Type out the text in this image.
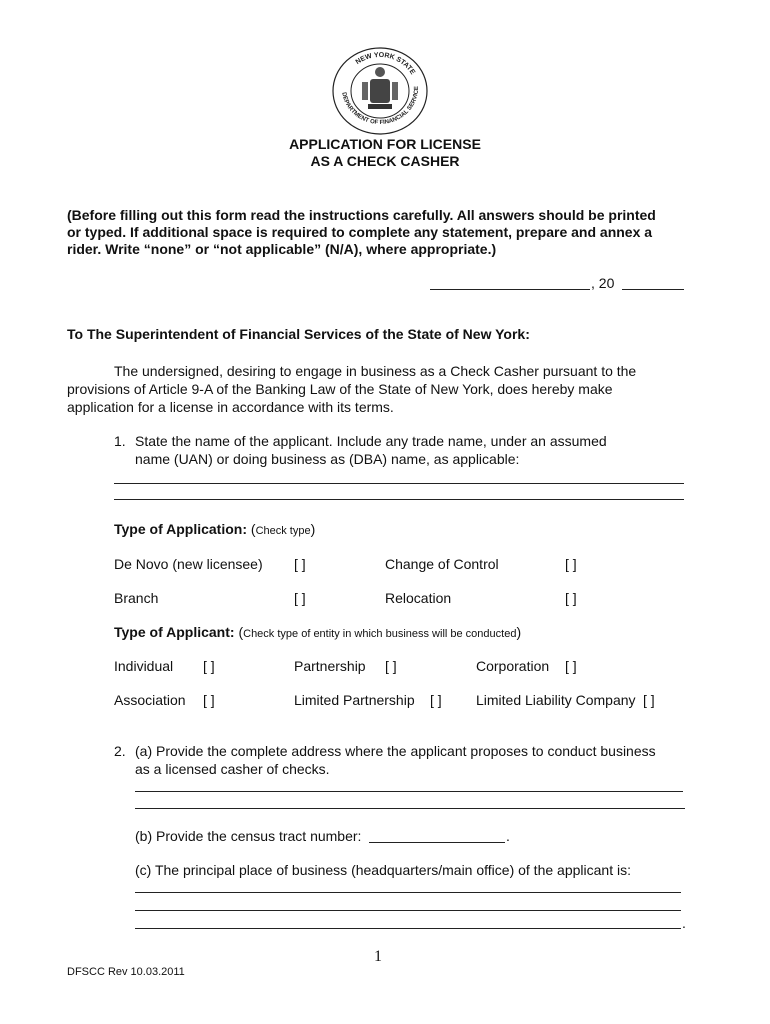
NEW YORK STATE
DEPARTMENT OF FINANCIAL SERVICE
APPLICATION FOR LICENSE
AS A CHECK CASHER
(Before filling out this form read the instructions carefully. All answers should be printed
or typed. If additional space is required to complete any statement, prepare and annex a
rider. Write “none” or “not applicable” (N/A), where appropriate.)
, 20
To The Superintendent of Financial Services of the State of New York:
The undersigned, desiring to engage in business as a Check Casher pursuant to the
provisions of Article 9-A of the Banking Law of the State of New York, does hereby make
application for a license in accordance with its terms.
1. State the name of the applicant. Include any trade name, under an assumed
name (UAN) or doing business as (DBA) name, as applicable:
Type of Application: (Check type)
De Novo (new licensee) [ ]	Change of Control	[ ]
Branch	[ ]	Relocation	[ ]
Type of Applicant: (Check type of entity in which business will be conducted)
Individual [ ]	Partnership [ ]	Corporation [ ]
Association [ ]	Limited Partnership [ ] Limited Liability Company [ ]
2. (a) Provide the complete address where the applicant proposes to conduct business
as a licensed casher of checks.
(b) Provide the census tract number:	.
(c) The principal place of business (headquarters/main office) of the applicant is:
.
1
DFSCC Rev 10.03.2011
